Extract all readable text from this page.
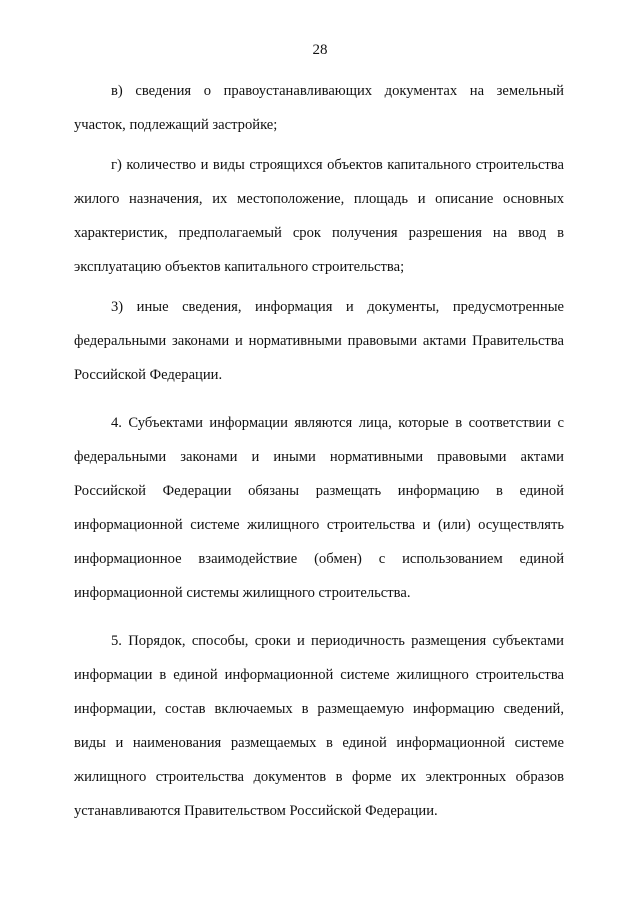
28

в) сведения о правоустанавливающих документах на земельный участок, подлежащий застройке;

г) количество и виды строящихся объектов капитального строительства жилого назначения, их местоположение, площадь и описание основных характеристик, предполагаемый срок получения разрешения на ввод в эксплуатацию объектов капитального строительства;

3) иные сведения, информация и документы, предусмотренные федеральными законами и нормативными правовыми актами Правительства Российской Федерации.

4. Субъектами информации являются лица, которые в соответствии с федеральными законами и иными нормативными правовыми актами Российской Федерации обязаны размещать информацию в единой информационной системе жилищного строительства и (или) осуществлять информационное взаимодействие (обмен) с использованием единой информационной системы жилищного строительства.

5. Порядок, способы, сроки и периодичность размещения субъектами информации в единой информационной системе жилищного строительства информации, состав включаемых в размещаемую информацию сведений, виды и наименования размещаемых в единой информационной системе жилищного строительства документов в форме их электронных образов устанавливаются Правительством Российской Федерации.
